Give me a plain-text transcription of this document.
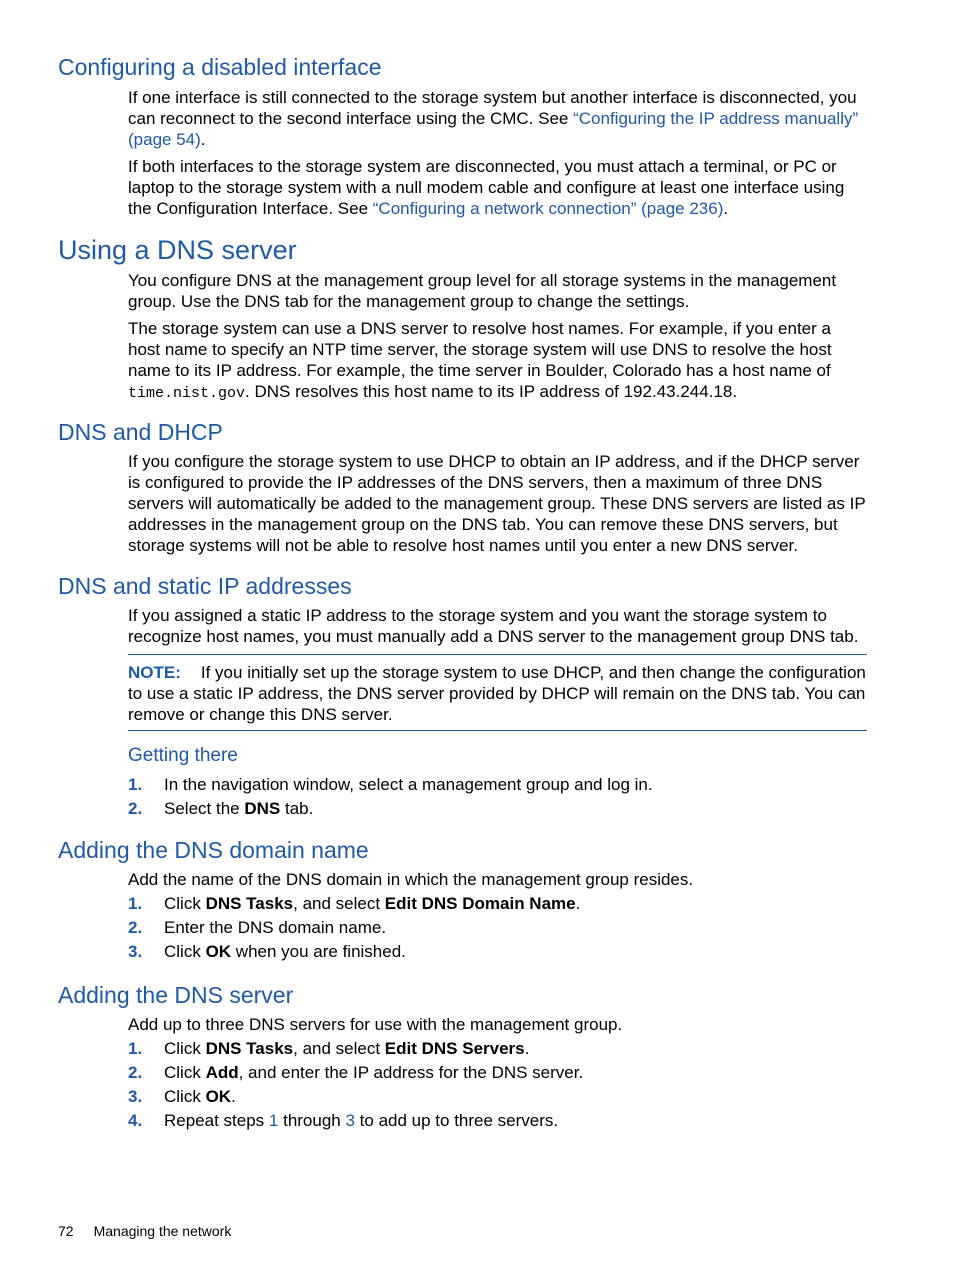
Configuring a disabled interface

If one interface is still connected to the storage system but another interface is disconnected, you can reconnect to the second interface using the CMC. See “Configuring the IP address manually” (page 54).

If both interfaces to the storage system are disconnected, you must attach a terminal, or PC or laptop to the storage system with a null modem cable and configure at least one interface using the Configuration Interface. See “Configuring a network connection” (page 236).

Using a DNS server

You configure DNS at the management group level for all storage systems in the management group. Use the DNS tab for the management group to change the settings.

The storage system can use a DNS server to resolve host names. For example, if you enter a host name to specify an NTP time server, the storage system will use DNS to resolve the host name to its IP address. For example, the time server in Boulder, Colorado has a host name of time.nist.gov. DNS resolves this host name to its IP address of 192.43.244.18.

DNS and DHCP

If you configure the storage system to use DHCP to obtain an IP address, and if the DHCP server is configured to provide the IP addresses of the DNS servers, then a maximum of three DNS servers will automatically be added to the management group. These DNS servers are listed as IP addresses in the management group on the DNS tab. You can remove these DNS servers, but storage systems will not be able to resolve host names until you enter a new DNS server.

DNS and static IP addresses

If you assigned a static IP address to the storage system and you want the storage system to recognize host names, you must manually add a DNS server to the management group DNS tab.

NOTE: If you initially set up the storage system to use DHCP, and then change the configuration to use a static IP address, the DNS server provided by DHCP will remain on the DNS tab. You can remove or change this DNS server.

Getting there
1.	In the navigation window, select a management group and log in.
2.	Select the DNS tab.
Adding the DNS domain name

Add the name of the DNS domain in which the management group resides.

1.	Click DNS Tasks, and select Edit DNS Domain Name.
2.	Enter the DNS domain name.
3.	Click OK when you are finished.
Adding the DNS server

Add up to three DNS servers for use with the management group.

1.	Click DNS Tasks, and select Edit DNS Servers.
2.	Click Add, and enter the IP address for the DNS server.
3.	Click OK.
4.	Repeat steps 1 through 3 to add up to three servers.
72 Managing the network
